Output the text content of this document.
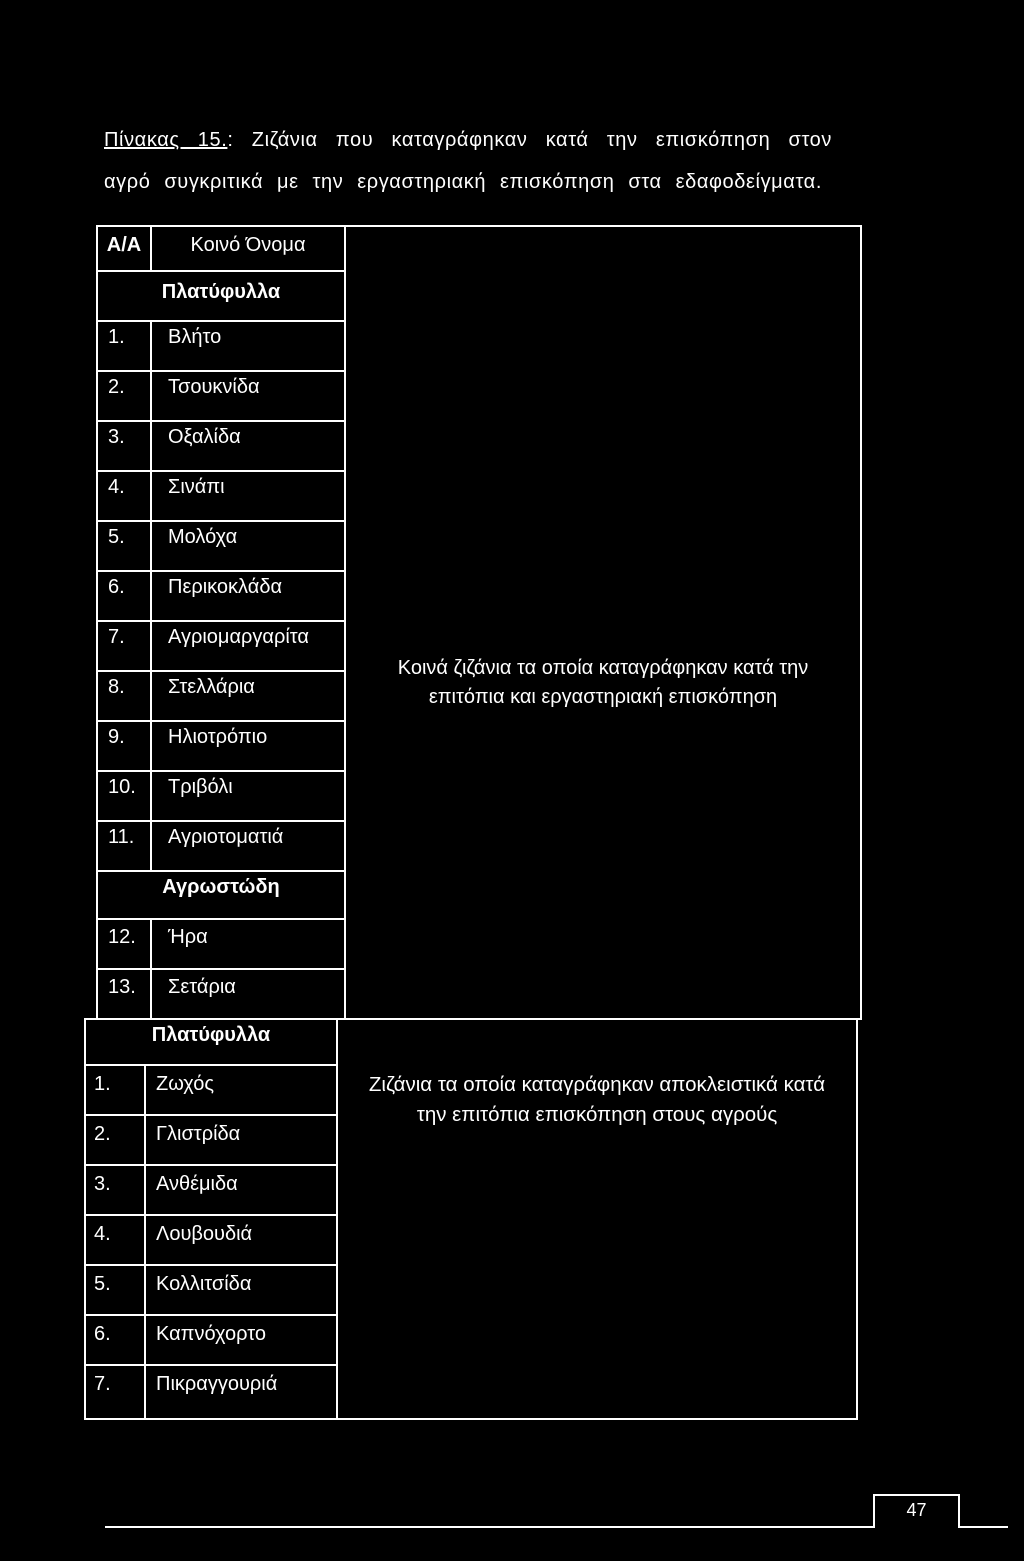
Πίνακας 15.: Ζιζάνια που καταγράφηκαν κατά την επισκόπηση στον
αγρό συγκριτικά με την εργαστηριακή επισκόπηση στα εδαφοδείγματα.
Α/Α	Κοινό Όνομα
Πλατύφυλλα
1.	Βλήτο
2.	Τσουκνίδα
3.	Οξαλίδα
4.	Σινάπι
5.	Μολόχα
6.	Περικοκλάδα
7.	Αγριομαργαρίτα
8.	Στελλάρια
9.	Ηλιοτρόπιο
10.	Τριβόλι
11.	Αγριοτοματιά
Αγρωστώδη
12.	Ήρα
13.	Σετάρια
Κοινά ζιζάνια τα οποία καταγράφηκαν κατά την
επιτόπια και εργαστηριακή επισκόπηση
Πλατύφυλλα
1.	Ζωχός
2.	Γλιστρίδα
3.	Ανθέμιδα
4.	Λουβουδιά
5.	Κολλιτσίδα
6.	Καπνόχορτο
7.	Πικραγγουριά
Ζιζάνια τα οποία καταγράφηκαν αποκλειστικά κατά
την επιτόπια επισκόπηση στους αγρούς
47
